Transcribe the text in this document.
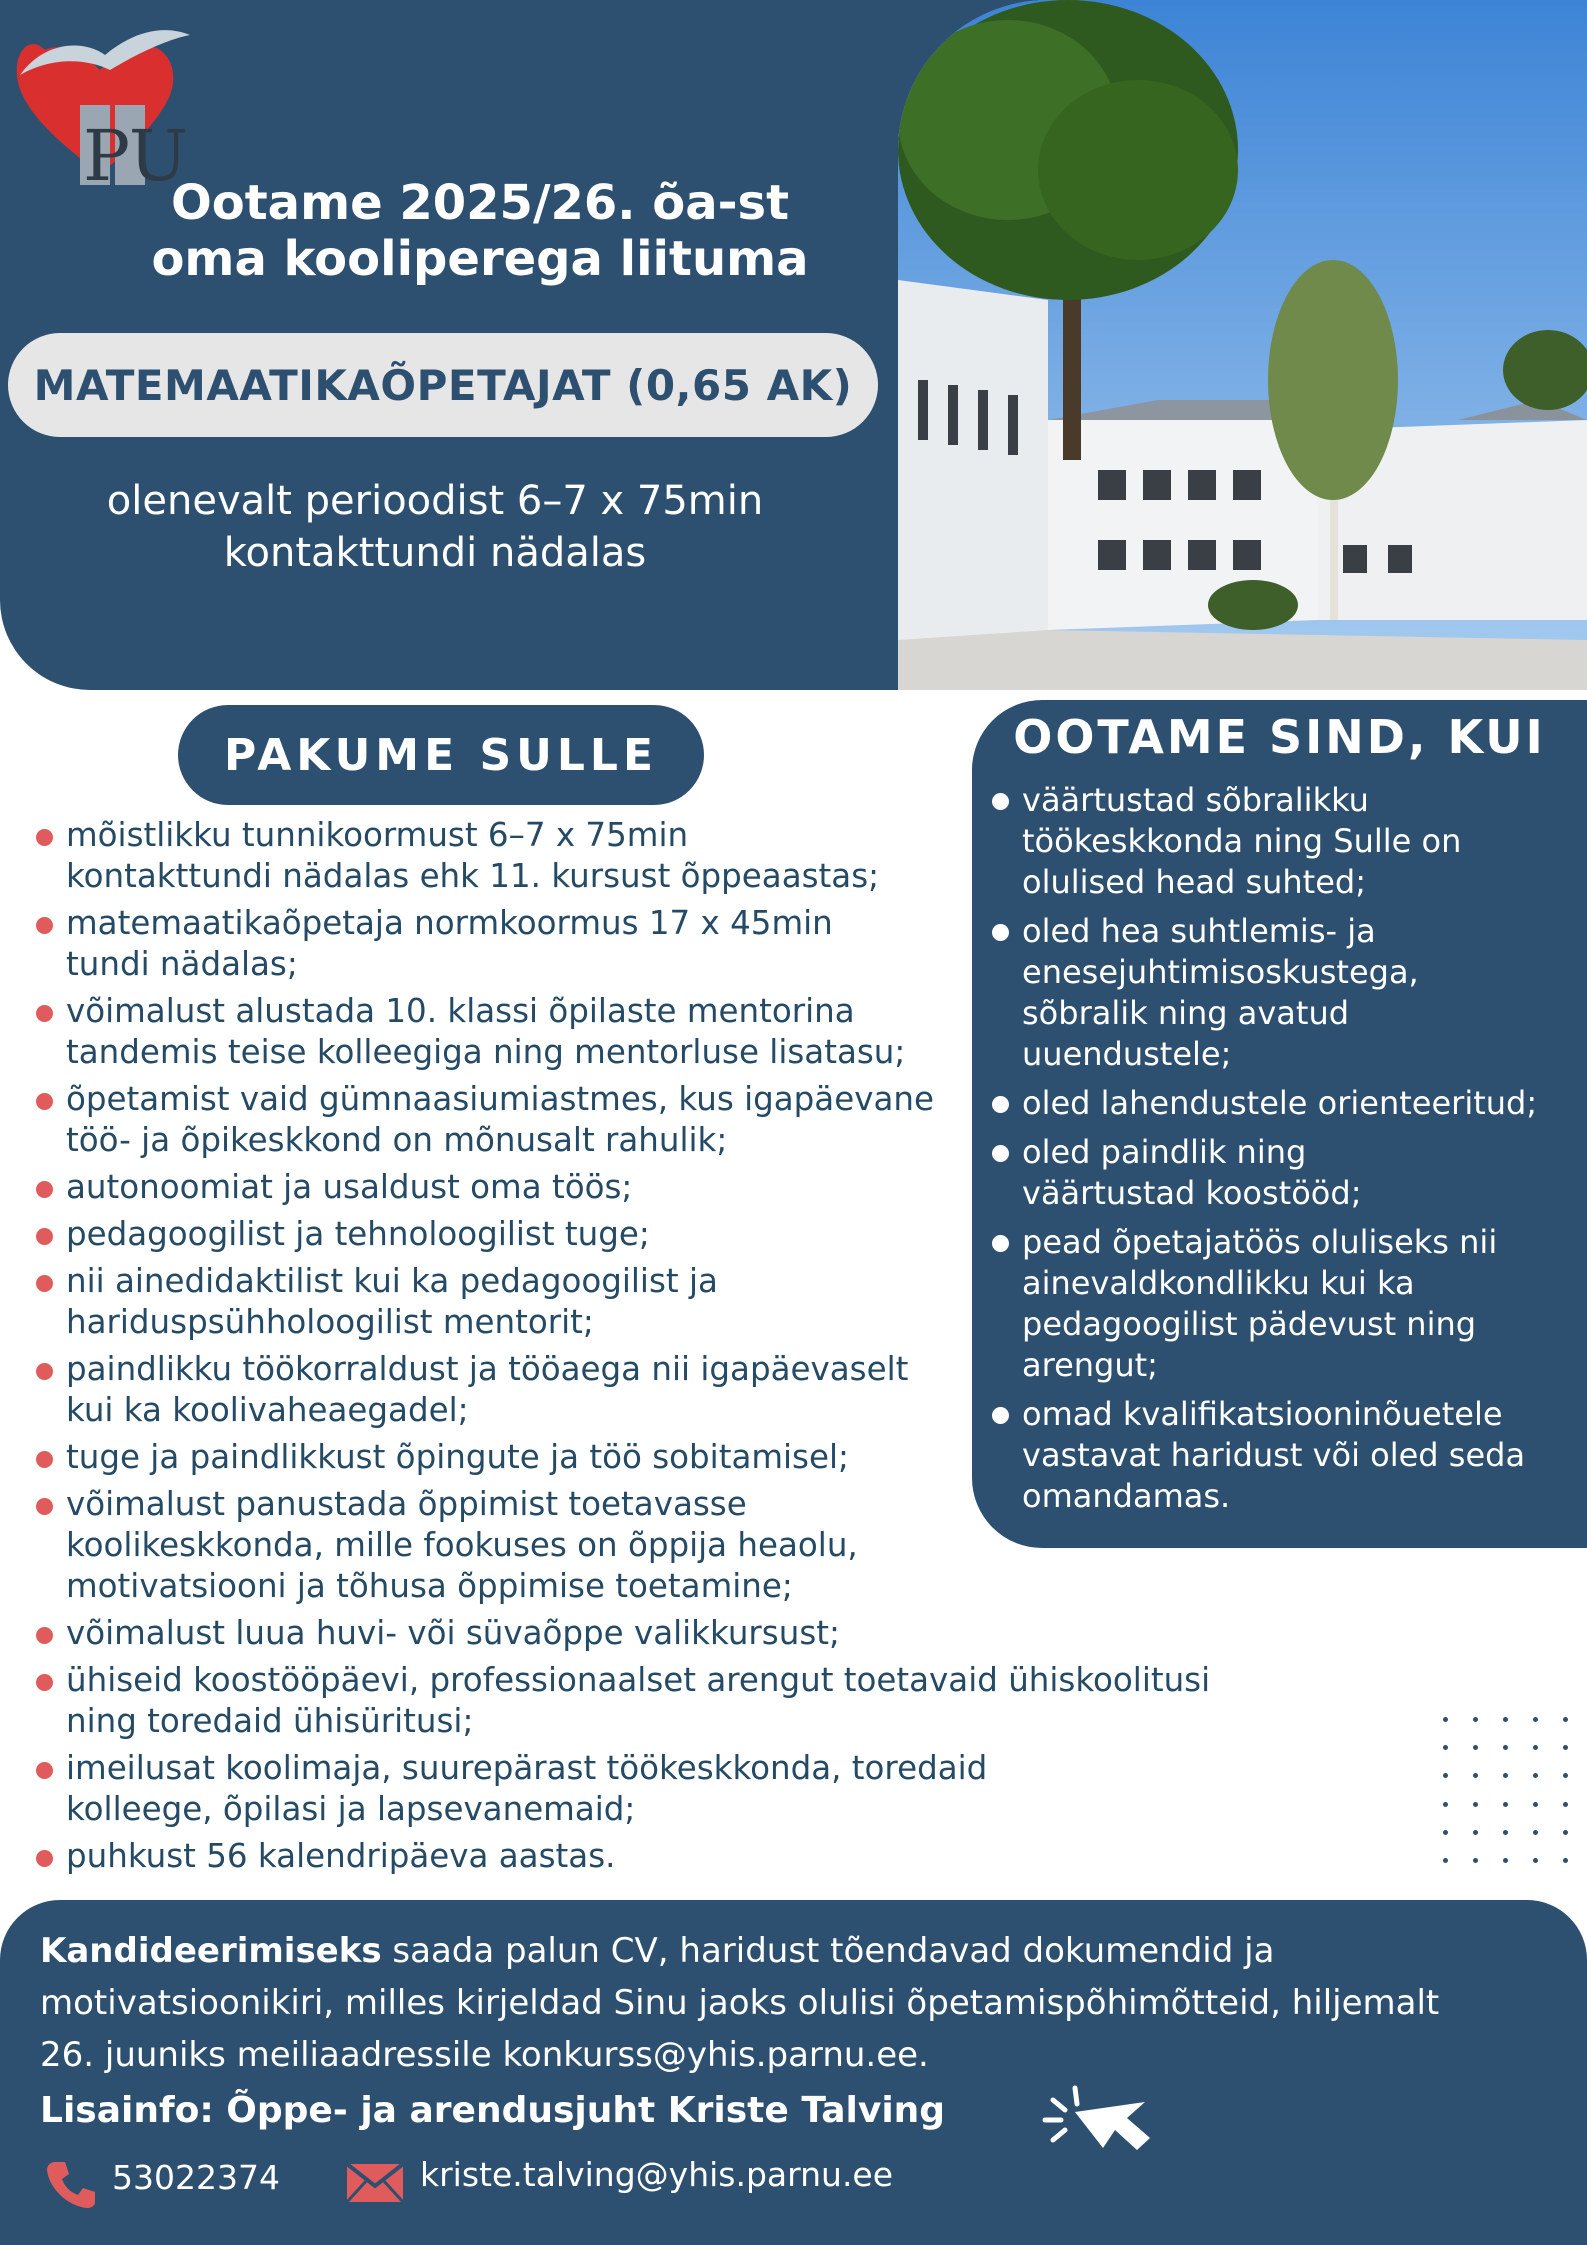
PU
Ootame 2025/26. õa-st
oma kooliperega liituma
MATEMAATIKAÕPETAJAT (0,65 AK)
olenevalt perioodist 6–7 x 75min
kontakttundi nädalas
PAKUME SULLE
mõistlikku tunnikoormust 6–7 x 75min
kontakttundi nädalas ehk 11. kursust õppeaastas;
matemaatikaõpetaja normkoormus 17 x 45min
tundi nädalas;
võimalust alustada 10. klassi õpilaste mentorina
tandemis teise kolleegiga ning mentorluse lisatasu;
õpetamist vaid gümnaasiumiastmes, kus igapäevane
töö- ja õpikeskkond on mõnusalt rahulik;
autonoomiat ja usaldust oma töös;
pedagoogilist ja tehnoloogilist tuge;
nii ainedidaktilist kui ka pedagoogilist ja
hariduspsühholoogilist mentorit;
paindlikku töökorraldust ja tööaega nii igapäevaselt
kui ka koolivaheaegadel;
tuge ja paindlikkust õpingute ja töö sobitamisel;
võimalust panustada õppimist toetavasse
koolikeskkonda, mille fookuses on õppija heaolu,
motivatsiooni ja tõhusa õppimise toetamine;
võimalust luua huvi- või süvaõppe valikkursust;
ühiseid koostööpäevi, professionaalset arengut toetavaid ühiskoolitusi
ning toredaid ühisüritusi;
imeilusat koolimaja, suurepärast töökeskkonda, toredaid
kolleege, õpilasi ja lapsevanemaid;
puhkust 56 kalendripäeva aastas.
OOTAME SIND, KUI
väärtustad sõbralikku
töökeskkonda ning Sulle on
olulised head suhted;
oled hea suhtlemis- ja
enesejuhtimisoskustega,
sõbralik ning avatud
uuendustele;
oled lahendustele orienteeritud;
oled paindlik ning
väärtustad koostööd;
pead õpetajatöös oluliseks nii
ainevaldkondlikku kui ka
pedagoogilist pädevust ning
arengut;
omad kvalifikatsiooninõuetele
vastavat haridust või oled seda
omandamas.
Kandideerimiseks saada palun CV, haridust tõendavad dokumendid ja
motivatsioonikiri, milles kirjeldad Sinu jaoks olulisi õpetamispõhimõtteid, hiljemalt
26. juuniks meiliaadressile konkurss@yhis.parnu.ee.
Lisainfo: Õppe- ja arendusjuht Kriste Talving
53022374	kriste.talving@yhis.parnu.ee
